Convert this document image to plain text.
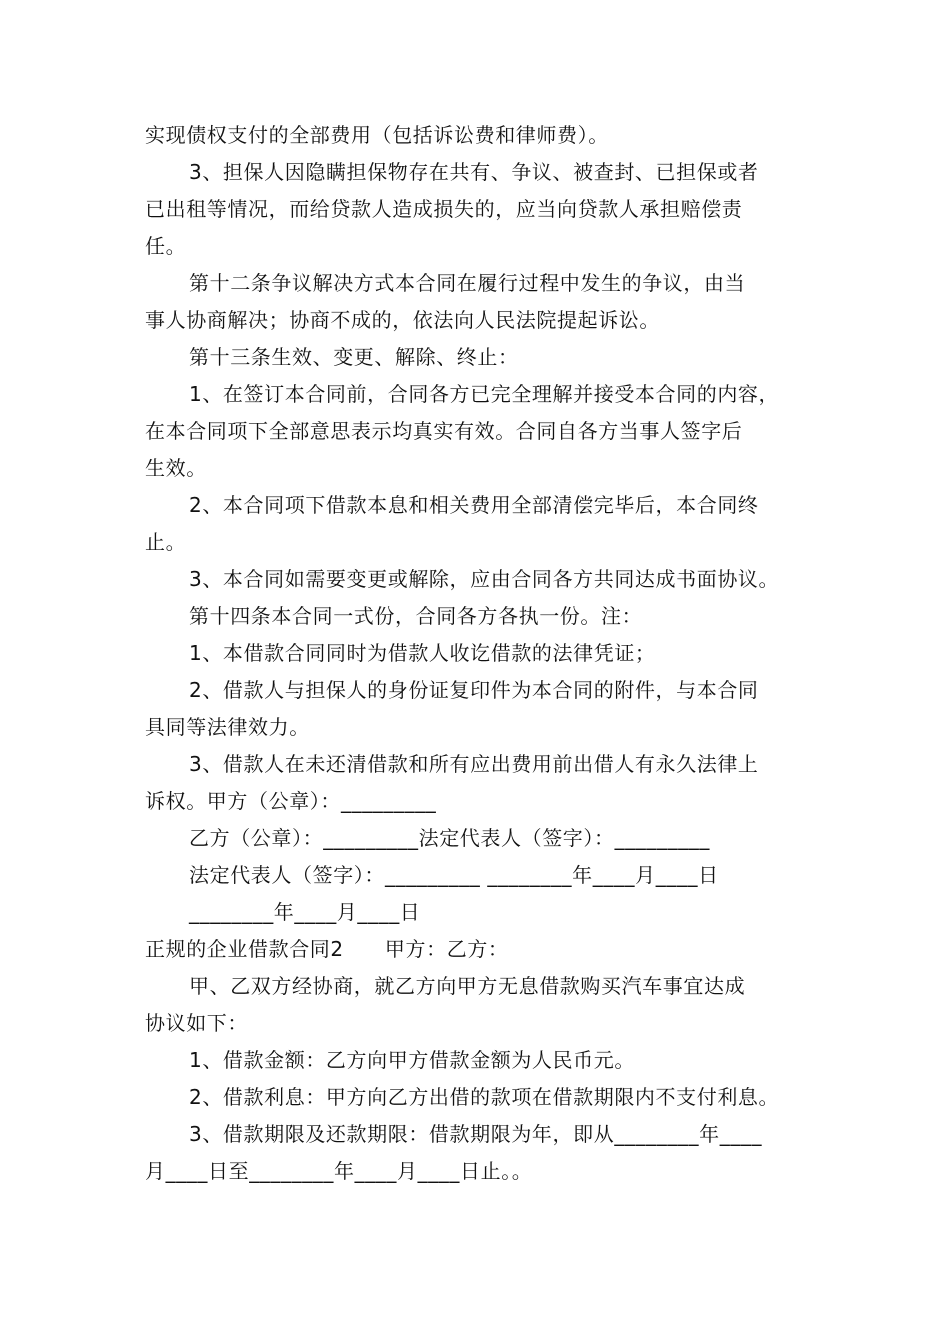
实现债权支付的全部费用（包括诉讼费和律师费）。
3、担保人因隐瞒担保物存在共有、争议、被查封、已担保或者
已出租等情况，而给贷款人造成损失的，应当向贷款人承担赔偿责
任。
第十二条争议解决方式本合同在履行过程中发生的争议，由当
事人协商解决；协商不成的，依法向人民法院提起诉讼。
第十三条生效、变更、解除、终止：
1、在签订本合同前，合同各方已完全理解并接受本合同的内容，
在本合同项下全部意思表示均真实有效。合同自各方当事人签字后
生效。
2、本合同项下借款本息和相关费用全部清偿完毕后，本合同终
止。
3、本合同如需要变更或解除，应由合同各方共同达成书面协议。
第十四条本合同一式份，合同各方各执一份。注：
1、本借款合同同时为借款人收讫借款的法律凭证；
2、借款人与担保人的身份证复印件为本合同的附件，与本合同
具同等法律效力。
3、借款人在未还清借款和所有应出费用前出借人有永久法律上
诉权。甲方（公章）：_________
乙方（公章）：_________法定代表人（签字）：_________
法定代表人（签字）：_________ ________年____月____日
________年____月____日
正规的企业借款合同2　　甲方：乙方：
甲、乙双方经协商，就乙方向甲方无息借款购买汽车事宜达成
协议如下：
1、借款金额：乙方向甲方借款金额为人民币元。
2、借款利息：甲方向乙方出借的款项在借款期限内不支付利息。
3、借款期限及还款期限：借款期限为年，即从________年____
月____日至________年____月____日止。。
